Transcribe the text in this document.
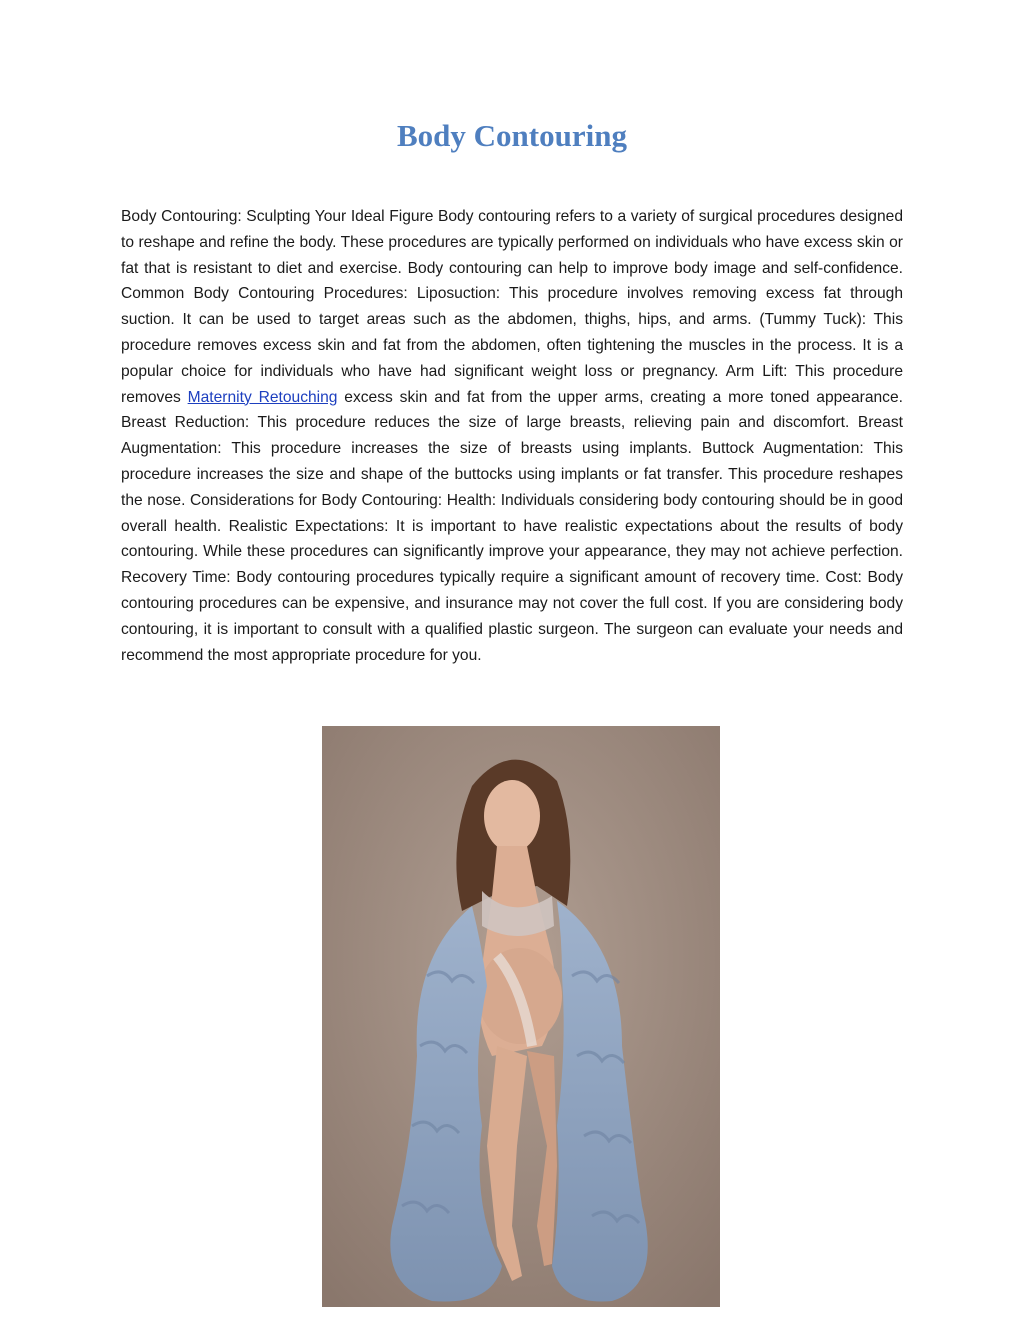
Body Contouring

Body Contouring: Sculpting Your Ideal Figure Body contouring refers to a variety of surgical procedures designed to reshape and refine the body. These procedures are typically performed on individuals who have excess skin or fat that is resistant to diet and exercise. Body contouring can help to improve body image and self-confidence. Common Body Contouring Procedures: Liposuction: This procedure involves removing excess fat through suction. It can be used to target areas such as the abdomen, thighs, hips, and arms. (Tummy Tuck): This procedure removes excess skin and fat from the abdomen, often tightening the muscles in the process. It is a popular choice for individuals who have had significant weight loss or pregnancy. Arm Lift: This procedure removes Maternity Retouching excess skin and fat from the upper arms, creating a more toned appearance. Breast Reduction: This procedure reduces the size of large breasts, relieving pain and discomfort. Breast Augmentation: This procedure increases the size of breasts using implants. Buttock Augmentation: This procedure increases the size and shape of the buttocks using implants or fat transfer. This procedure reshapes the nose. Considerations for Body Contouring: Health: Individuals considering body contouring should be in good overall health. Realistic Expectations: It is important to have realistic expectations about the results of body contouring. While these procedures can significantly improve your appearance, they may not achieve perfection. Recovery Time: Body contouring procedures typically require a significant amount of recovery time. Cost: Body contouring procedures can be expensive, and insurance may not cover the full cost. If you are considering body contouring, it is important to consult with a qualified plastic surgeon. The surgeon can evaluate your needs and recommend the most appropriate procedure for you.
